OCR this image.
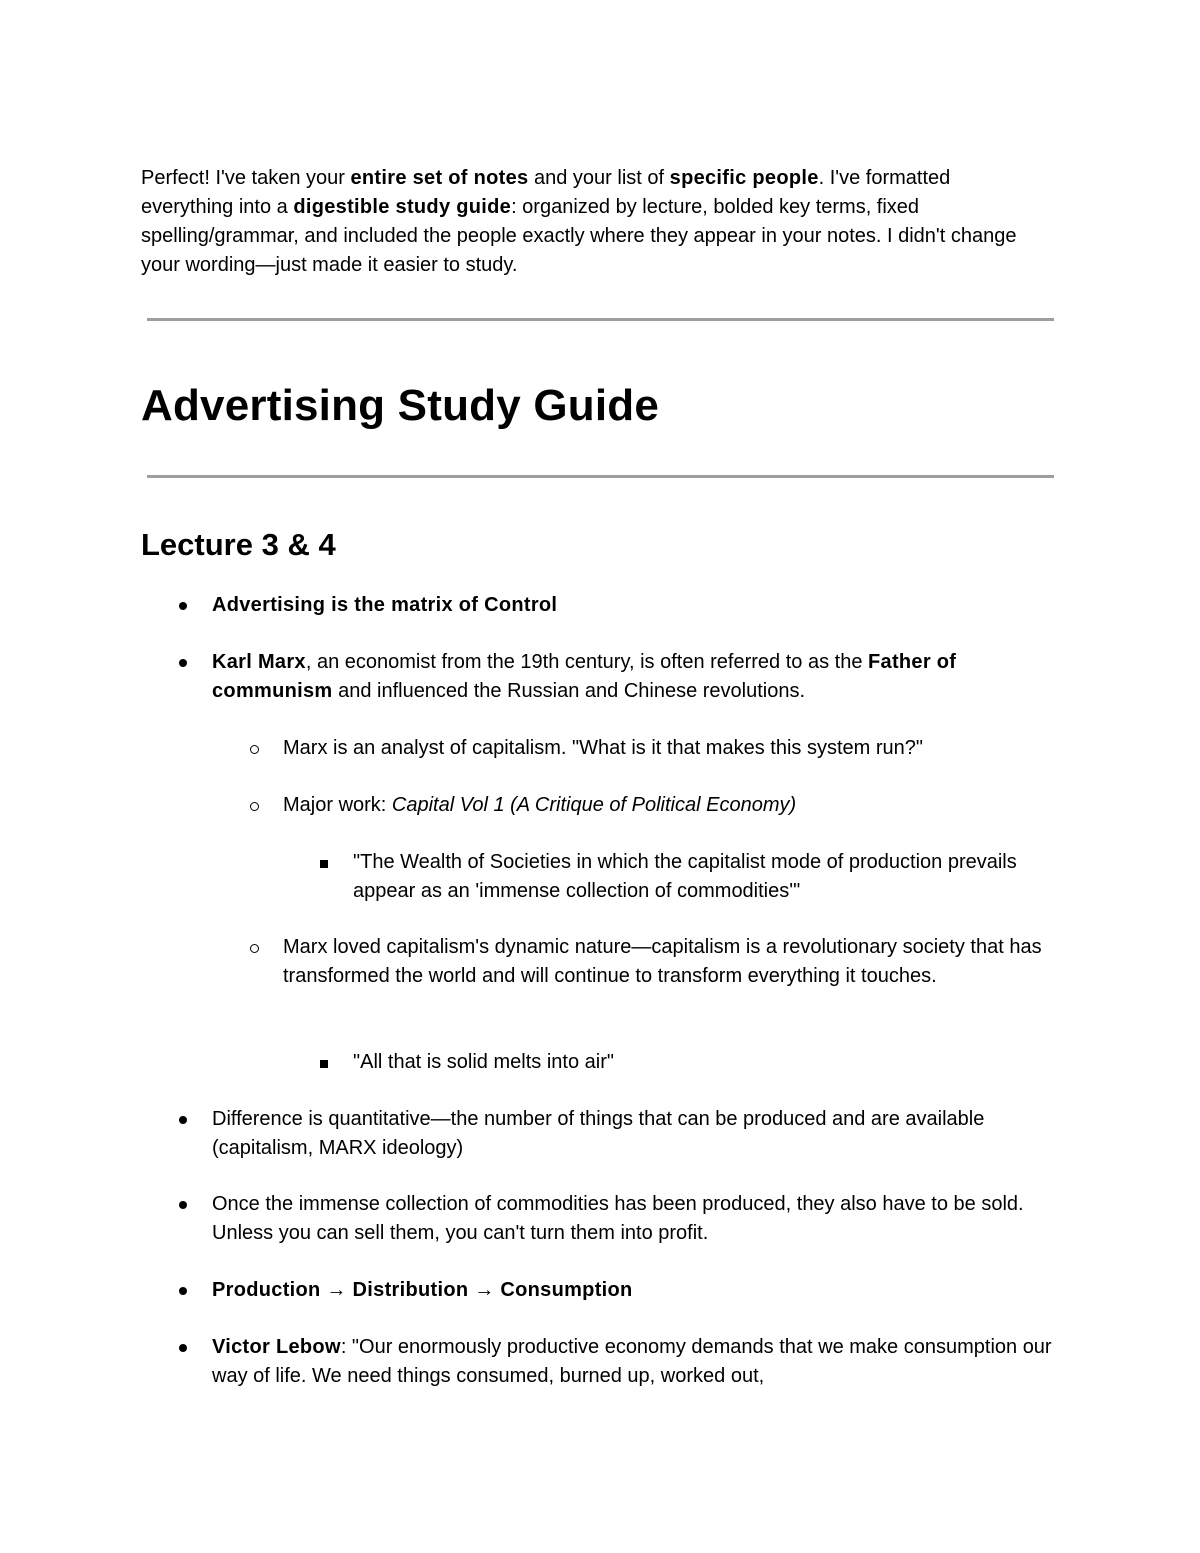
Perfect! I've taken your entire set of notes and your list of specific people. I've formatted everything into a digestible study guide: organized by lecture, bolded key terms, fixed spelling/grammar, and included the people exactly where they appear in your notes. I didn't change your wording—just made it easier to study.

Advertising Study Guide
Lecture 3 & 4
Advertising is the matrix of Control
Karl Marx, an economist from the 19th century, is often referred to as the Father of communism and influenced the Russian and Chinese revolutions.
Marx is an analyst of capitalism. "What is it that makes this system run?"
Major work: Capital Vol 1 (A Critique of Political Economy)
"The Wealth of Societies in which the capitalist mode of production prevails appear as an 'immense collection of commodities'"
Marx loved capitalism's dynamic nature—capitalism is a revolutionary society that has transformed the world and will continue to transform everything it touches.
"All that is solid melts into air"
Difference is quantitative—the number of things that can be produced and are available (capitalism, MARX ideology)
Once the immense collection of commodities has been produced, they also have to be sold. Unless you can sell them, you can't turn them into profit.
Production → Distribution → Consumption
Victor Lebow: "Our enormously productive economy demands that we make consumption our way of life. We need things consumed, burned up, worked out,
